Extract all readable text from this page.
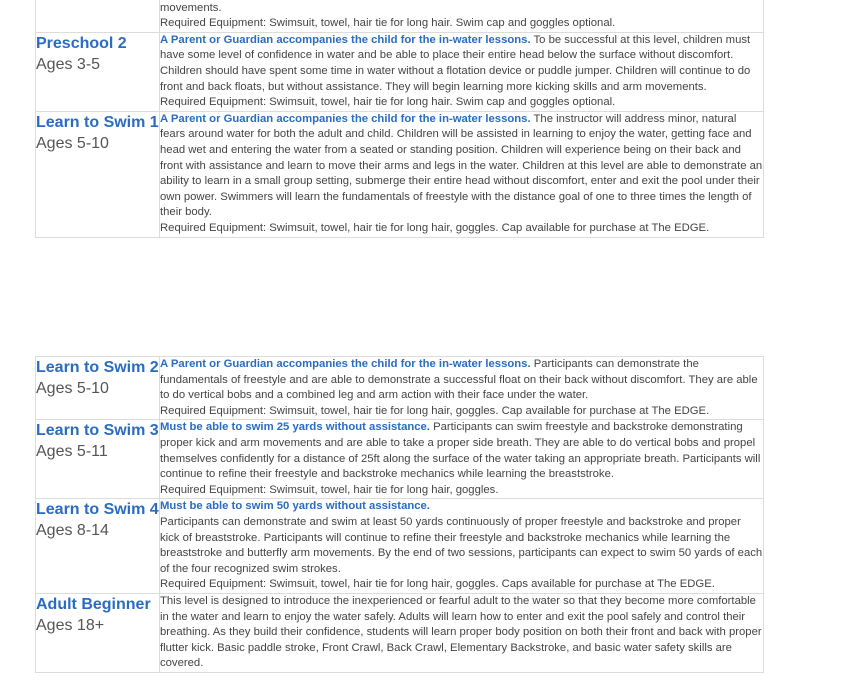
	movements.
Required Equipment: Swimsuit, towel, hair tie for long hair. Swim cap and goggles optional.

Preschool 2
Ages 3-5	A Parent or Guardian accompanies the child for the in-water lessons. To be successful at this level, children must have some level of confidence in water and be able to place their entire head below the surface without discomfort. Children should have spent some time in water without a flotation device or puddle jumper. Children will continue to do front and back floats, but without assistance. They will begin learning more kicking skills and arm movements.
Required Equipment: Swimsuit, towel, hair tie for long hair. Swim cap and goggles optional.

Learn to Swim 1
Ages 5-10	A Parent or Guardian accompanies the child for the in-water lessons. The instructor will address minor, natural fears around water for both the adult and child. Children will be assisted in learning to enjoy the water, getting face and head wet and entering the water from a seated or standing position. Children will experience being on their back and front with assistance and learn to move their arms and legs in the water. Children at this level are able to demonstrate an ability to learn in a small group setting, submerge their entire head without discomfort, enter and exit the pool under their own power. Swimmers will learn the fundamentals of freestyle with the distance goal of one to three times the length of their body.
Required Equipment: Swimsuit, towel, hair tie for long hair, goggles. Cap available for purchase at The EDGE.
Learn to Swim 2
Ages 5-10	A Parent or Guardian accompanies the child for the in-water lessons. Participants can demonstrate the fundamentals of freestyle and are able to demonstrate a successful float on their back without discomfort. They are able to do vertical bobs and a combined leg and arm action with their face under the water.
Required Equipment: Swimsuit, towel, hair tie for long hair, goggles. Cap available for purchase at The EDGE.

Learn to Swim 3
Ages 5-11	Must be able to swim 25 yards without assistance. Participants can swim freestyle and backstroke demonstrating proper kick and arm movements and are able to take a proper side breath. They are able to do vertical bobs and propel themselves confidently for a distance of 25ft along the surface of the water taking an appropriate breath. Participants will continue to refine their freestyle and backstroke mechanics while learning the breaststroke.
Required Equipment: Swimsuit, towel, hair tie for long hair, goggles.

Learn to Swim 4
Ages 8-14	Must be able to swim 50 yards without assistance.
Participants can demonstrate and swim at least 50 yards continuously of proper freestyle and backstroke and proper kick of breaststroke. Participants will continue to refine their freestyle and backstroke mechanics while learning the breaststroke and butterfly arm movements. By the end of two sessions, participants can expect to swim 50 yards of each of the four recognized swim strokes.
Required Equipment: Swimsuit, towel, hair tie for long hair, goggles. Caps available for purchase at The EDGE.

Adult Beginner
Ages 18+	This level is designed to introduce the inexperienced or fearful adult to the water so that they become more comfortable in the water and learn to enjoy the water safely. Adults will learn how to enter and exit the pool safely and control their breathing. As they build their confidence, students will learn proper body position on both their front and back with proper flutter kick. Basic paddle stroke, Front Crawl, Back Crawl, Elementary Backstroke, and basic water safety skills are covered.
